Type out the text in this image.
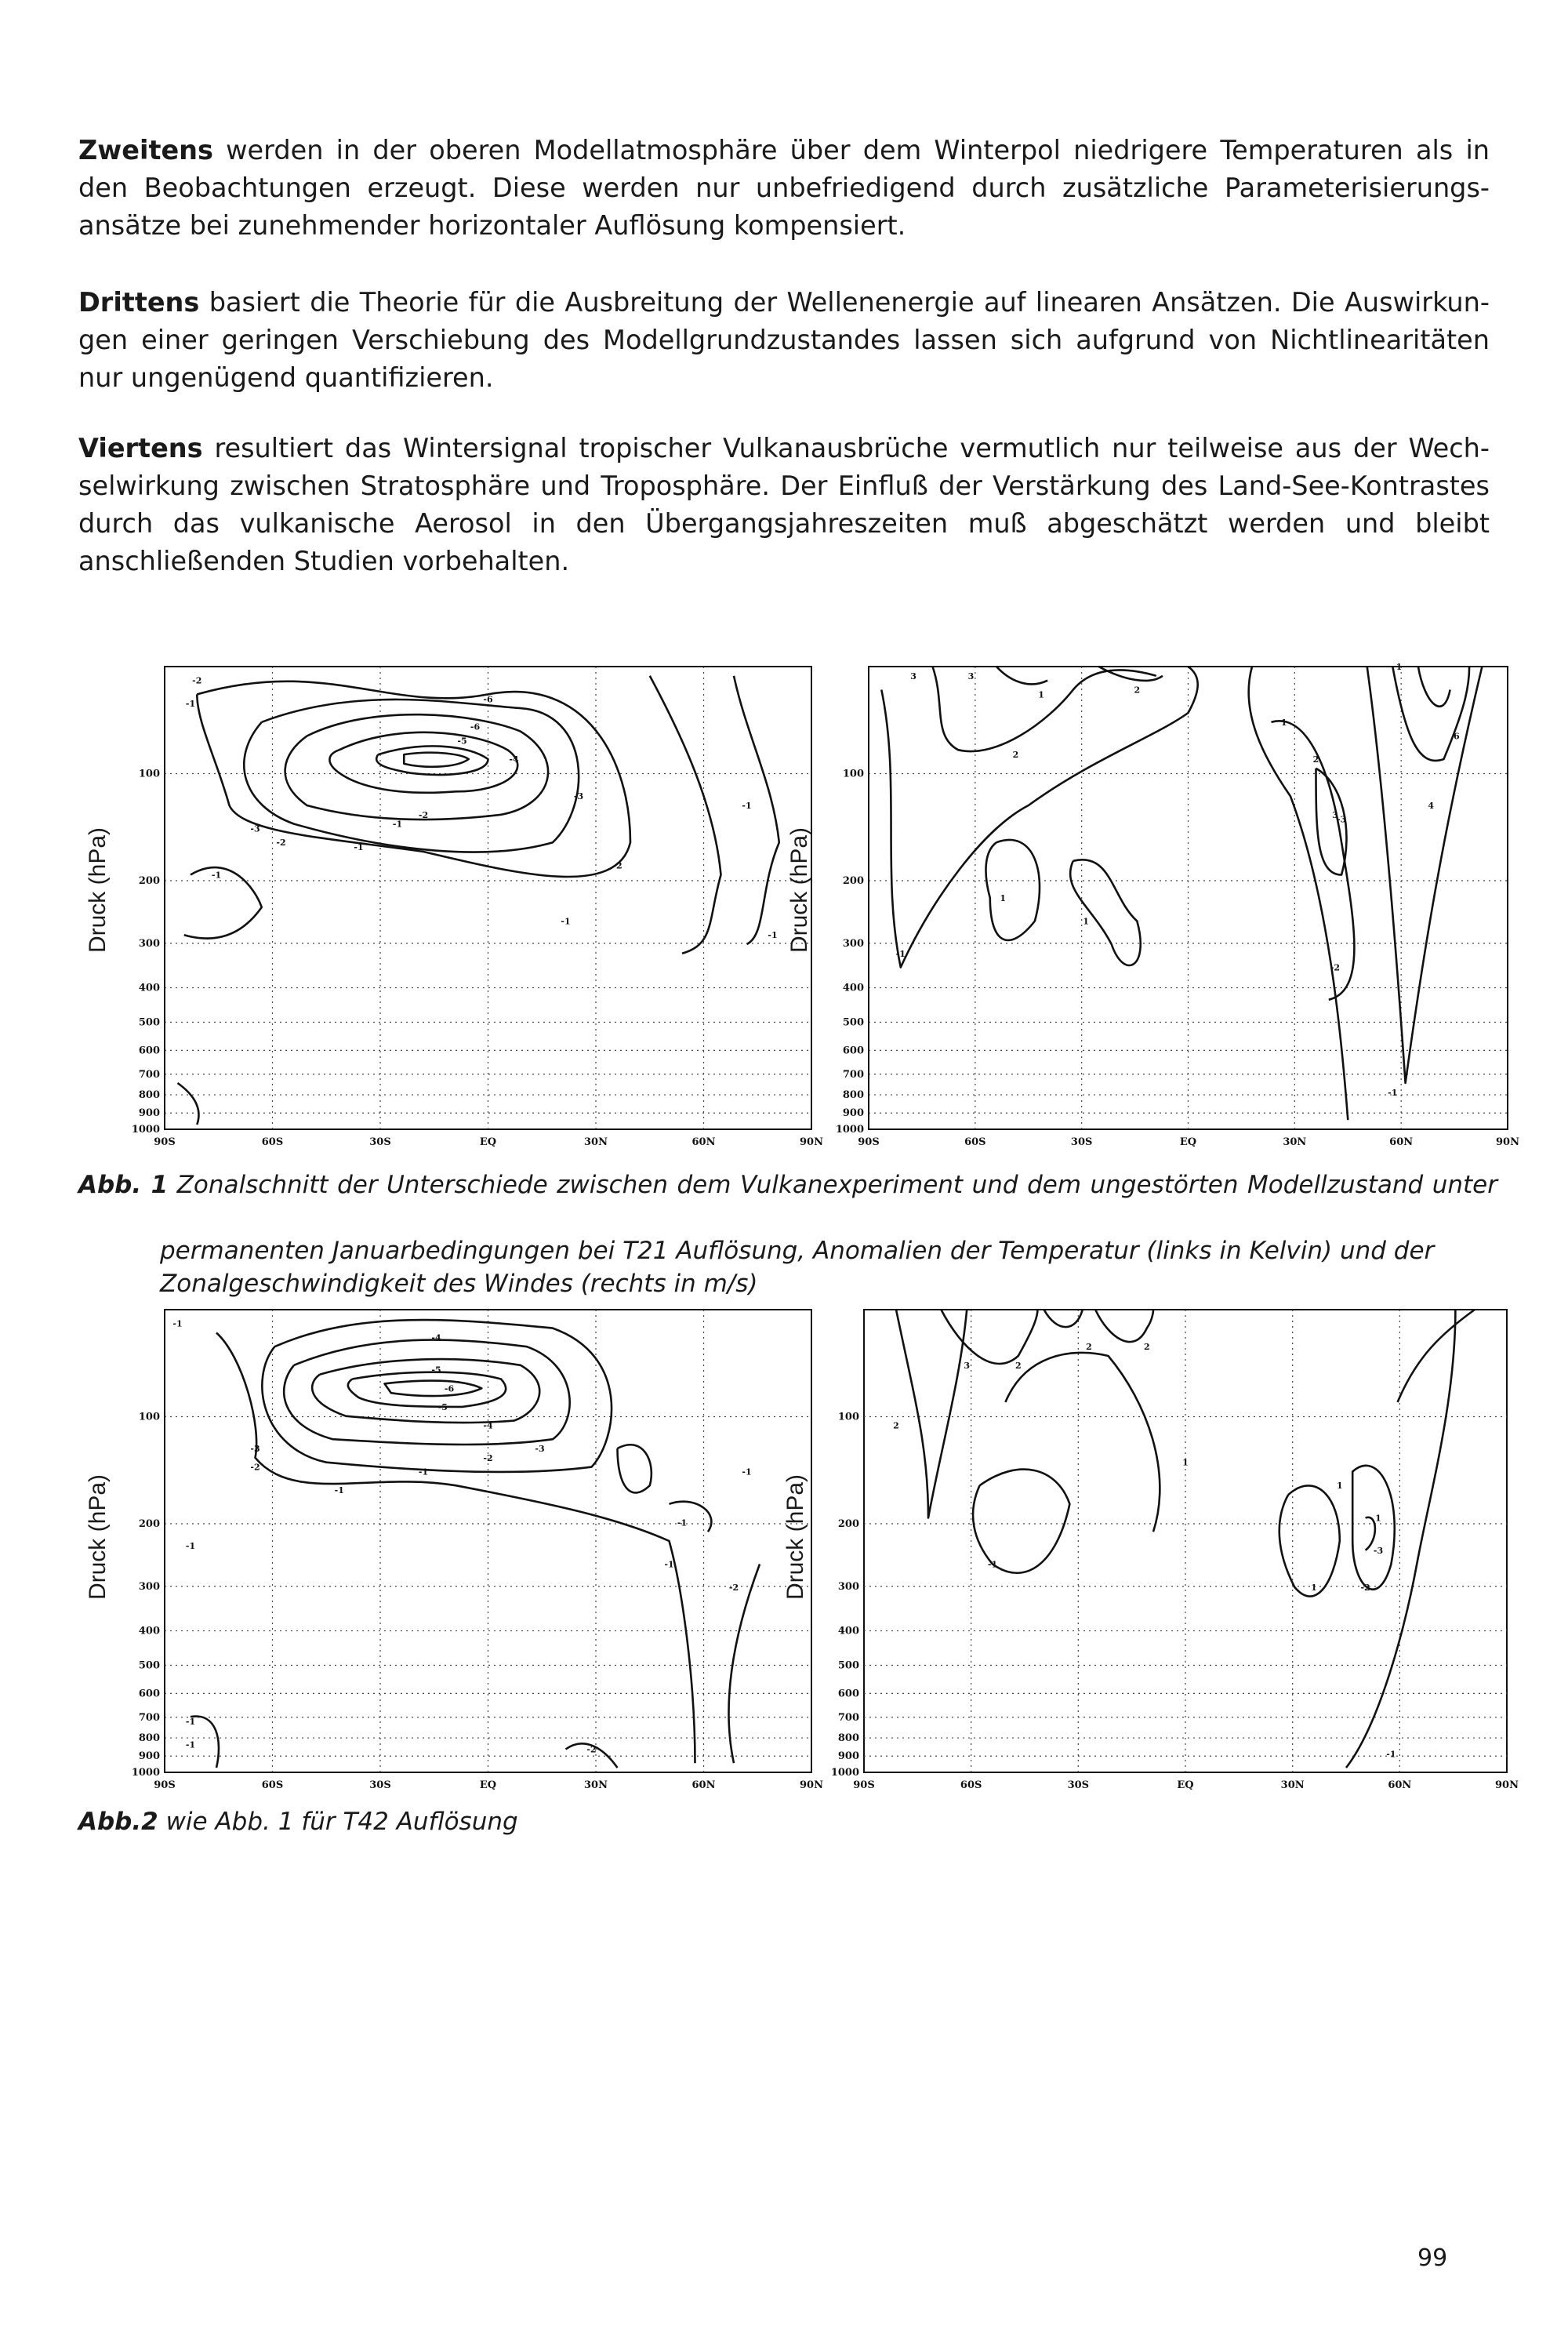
Zweitens werden in der oberen Modellatmosphäre über dem Winterpol niedrigere Temperaturen als in den Beobachtungen erzeugt. Diese werden nur unbefriedigend durch zusätzliche Parameterisierungsansätze bei zunehmender horizontaler Auflösung kompensiert.

Drittens basiert die Theorie für die Ausbreitung der Wellenenergie auf linearen Ansätzen. Die Auswirkungen einer geringen Verschiebung des Modellgrundzustandes lassen sich aufgrund von Nichtlinearitäten nur ungenügend quantifizieren.

Viertens resultiert das Wintersignal tropischer Vulkanausbrüche vermutlich nur teilweise aus der Wechselwirkung zwischen Stratosphäre und Troposphäre. Der Einfluß der Verstärkung des Land-See-Kontrastes durch das vulkanische Aerosol in den Übergangsjahreszeiten muß abgeschätzt werden und bleibt anschließenden Studien vorbehalten.

Druck (hPa)
90S	60S	30S	EQ	30N	60N	90N
100
200
300
400
500
600
700
800
900
1000
-2
-1	-6
-6
-5
-4
-3
-2
-1
-3
-2	-1
-1
-2
-1
-1
-1 Druck (hPa)
90S	60S	30S	EQ	30N	60N	90N
100
200
300
400
500
600
700
800
900
1000
3	3
2
1
2
1
1
1
2
3
4
6
1
-3
-2
-1
-1

Abb. 1 Zonalschnitt der Unterschiede zwischen dem Vulkanexperiment und dem ungestörten Modellzustand unter
permanenten Januarbedingungen bei T21 Auflösung, Anomalien der Temperatur (links in Kelvin) und der
Zonalgeschwindigkeit des Windes (rechts in m/s)

Druck (hPa)
90S	60S	30S	EQ	30N	60N	90N
100
200
300
400
500
600
700
800
900
1000
-1
-4
-5
-6
-5
-4
-3
-2
-1
-3
-2
-1
-1
-1
-2
-1
-1	-2
-1
-1
Druck (hPa)
90S	60S	30S	EQ	30N	60N	90N
100
200
300
400
500
600
700
800
900
1000
3
2
2	2
2
1
-1
1
1
-3
-2
-1
1

Abb.2 wie Abb. 1 für T42 Auflösung

99
